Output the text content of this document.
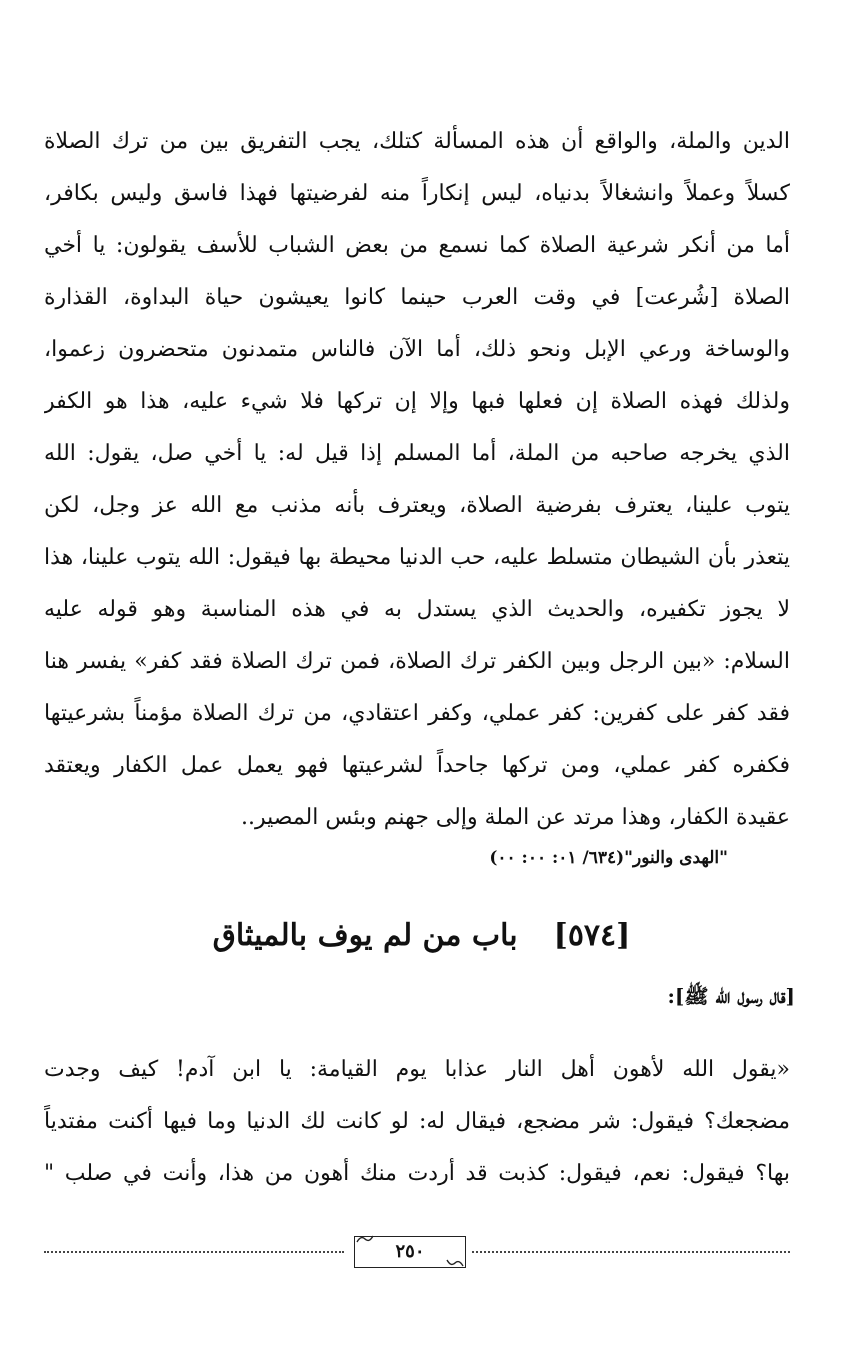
الدين والملة، والواقع أن هذه المسألة كتلك، يجب التفريق بين من ترك الصلاة
كسلاً وعملاً وانشغالاً بدنياه، ليس إنكاراً منه لفرضيتها فهذا فاسق وليس بكافر،
أما من أنكر شرعية الصلاة كما نسمع من بعض الشباب للأسف يقولون: يا أخي
الصلاة [شُرعت] في وقت العرب حينما كانوا يعيشون حياة البداوة، القذارة
والوساخة ورعي الإبل ونحو ذلك، أما الآن فالناس متمدنون متحضرون زعموا،
ولذلك فهذه الصلاة إن فعلها فبها وإلا إن تركها فلا شيء عليه، هذا هو الكفر
الذي يخرجه صاحبه من الملة، أما المسلم إذا قيل له: يا أخي صل، يقول: الله
يتوب علينا، يعترف بفرضية الصلاة، ويعترف بأنه مذنب مع الله عز وجل، لكن
يتعذر بأن الشيطان متسلط عليه، حب الدنيا محيطة بها فيقول: الله يتوب علينا، هذا
لا يجوز تكفيره، والحديث الذي يستدل به في هذه المناسبة وهو قوله عليه
السلام: «بين الرجل وبين الكفر ترك الصلاة، فمن ترك الصلاة فقد كفر» يفسر هنا
فقد كفر على كفرين: كفر عملي، وكفر اعتقادي، من ترك الصلاة مؤمناً بشرعيتها
فكفره كفر عملي، ومن تركها جاحداً لشرعيتها فهو يعمل عمل الكفار ويعتقد
عقيدة الكفار، وهذا مرتد عن الملة وإلى جهنم وبئس المصير..
"الهدى والنور"(٦٣٤/ ٠١: ٠٠: ٠٠)
[٥٧٤]باب من لم يوف بالميثاق
[قال رسول الله ﷺ]:
«يقول الله لأهون أهل النار عذابا يوم القيامة: يا ابن آدم! كيف وجدت
مضجعك؟ فيقول: شر مضجع، فيقال له: لو كانت لك الدنيا وما فيها أكنت مفتدياً
بها؟ فيقول: نعم، فيقول: كذبت قد أردت منك أهون من هذا، وأنت في صلب "
٢٥٠
